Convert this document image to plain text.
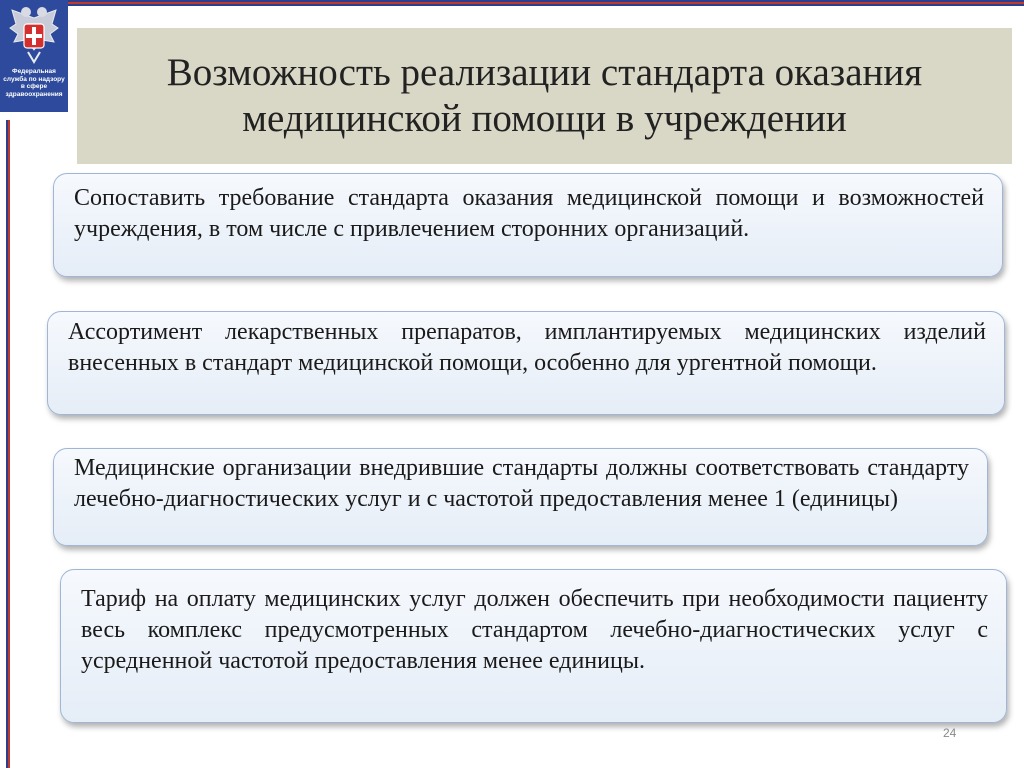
Федеральная служба по надзору в сфере здравоохранения	Возможность реализации стандарта оказания медицинской помощи в учреждении

Сопоставить требование стандарта оказания медицинской помощи и возможностей учреждения, в том числе с привлечением сторонних организаций.

Ассортимент лекарственных препаратов, имплантируемых медицинских изделий внесенных в стандарт медицинской помощи, особенно для ургентной помощи.

Медицинские организации внедрившие стандарты должны соответствовать стандарту лечебно-диагностических услуг и с частотой предоставления менее 1 (единицы)

Тариф на оплату медицинских услуг должен обеспечить при необходимости пациенту весь комплекс предусмотренных стандартом лечебно-диагностических услуг с усредненной частотой предоставления менее единицы.

24
